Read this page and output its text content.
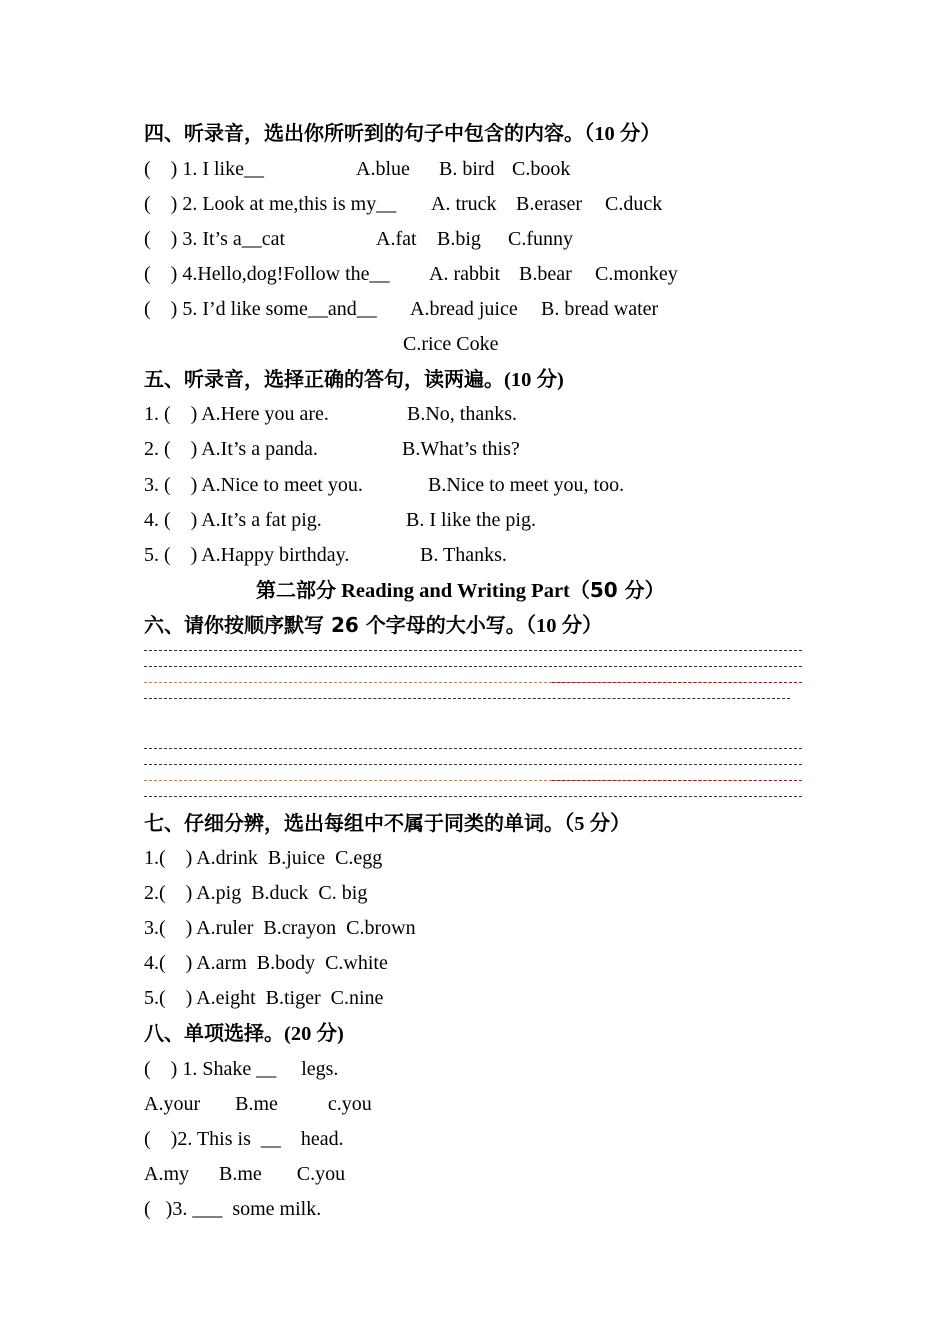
四、听录音，选出你所听到的句子中包含的内容。（10 分）
(    ) 1. I like__	A.blue B. bird C.book
(    ) 2. Look at me,this is my__ A. truck B.eraser C.duck
(    ) 3. It’s a__cat	A.fat B.big C.funny
(    ) 4.Hello,dog!Follow the__ A. rabbit B.bear C.monkey
(    ) 5. I’d like some__and__ A.bread juice B. bread water
C.rice Coke
五、听录音，选择正确的答句，读两遍。(10 分)
1. (    ) A.Here you are.	B.No, thanks.
2. (    ) A.It’s a panda.	B.What’s this?
3. (    ) A.Nice to meet you.	B.Nice to meet you, too.
4. (    ) A.It’s a fat pig.	B. I like the pig.
5. (    ) A.Happy birthday.	B. Thanks.
第二部分 Reading and Writing Part（50 分）
六、请你按顺序默写 26 个字母的大小写。（10 分）
七、仔细分辨，选出每组中不属于同类的单词。（5 分）
1.(    ) A.drink  B.juice  C.egg
2.(    ) A.pig  B.duck  C. big
3.(    ) A.ruler  B.crayon  C.brown
4.(    ) A.arm  B.body  C.white
5.(    ) A.eight  B.tiger  C.nine
八、单项选择。(20 分)
(    ) 1. Shake __     legs.
A.your       B.me          c.you
(    )2. This is  __    head.
A.my      B.me       C.you
(   )3. ___  some milk.
